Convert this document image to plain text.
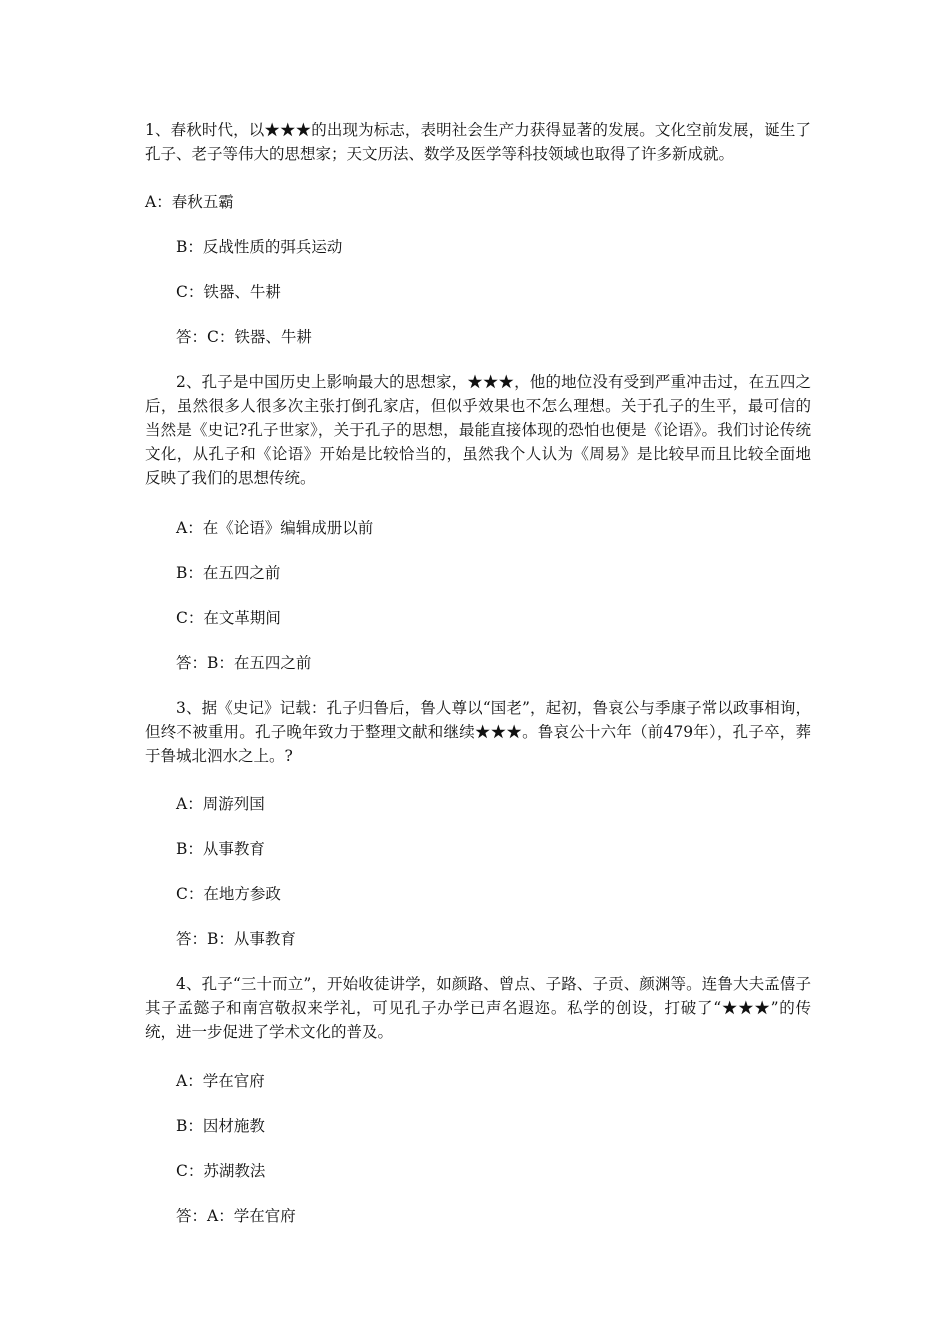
1、春秋时代，以★★★的出现为标志，表明社会生产力获得显著的发展。文化空前发展，诞生了孔子、老子等伟大的思想家；天文历法、数学及医学等科技领域也取得了许多新成就。

A：春秋五霸

B：反战性质的弭兵运动

C：铁器、牛耕

答：C：铁器、牛耕

2、孔子是中国历史上影响最大的思想家，★★★，他的地位没有受到严重冲击过，在五四之后，虽然很多人很多次主张打倒孔家店，但似乎效果也不怎么理想。关于孔子的生平，最可信的当然是《史记?孔子世家》，关于孔子的思想，最能直接体现的恐怕也便是《论语》。我们讨论传统文化，从孔子和《论语》开始是比较恰当的，虽然我个人认为《周易》是比较早而且比较全面地反映了我们的思想传统。

A：在《论语》编辑成册以前

B：在五四之前

C：在文革期间

答：B：在五四之前

3、据《史记》记载：孔子归鲁后，鲁人尊以“国老”，起初，鲁哀公与季康子常以政事相询，但终不被重用。孔子晚年致力于整理文献和继续★★★。鲁哀公十六年（前479年），孔子卒，葬于鲁城北泗水之上。?

A：周游列国

B：从事教育

C：在地方参政

答：B：从事教育

4、孔子“三十而立”，开始收徒讲学，如颜路、曾点、子路、子贡、颜渊等。连鲁大夫孟僖子其子孟懿子和南宫敬叔来学礼，可见孔子办学已声名遐迩。私学的创设，打破了“★★★”的传统，进一步促进了学术文化的普及。

A：学在官府

B：因材施教

C：苏湖教法

答：A：学在官府
